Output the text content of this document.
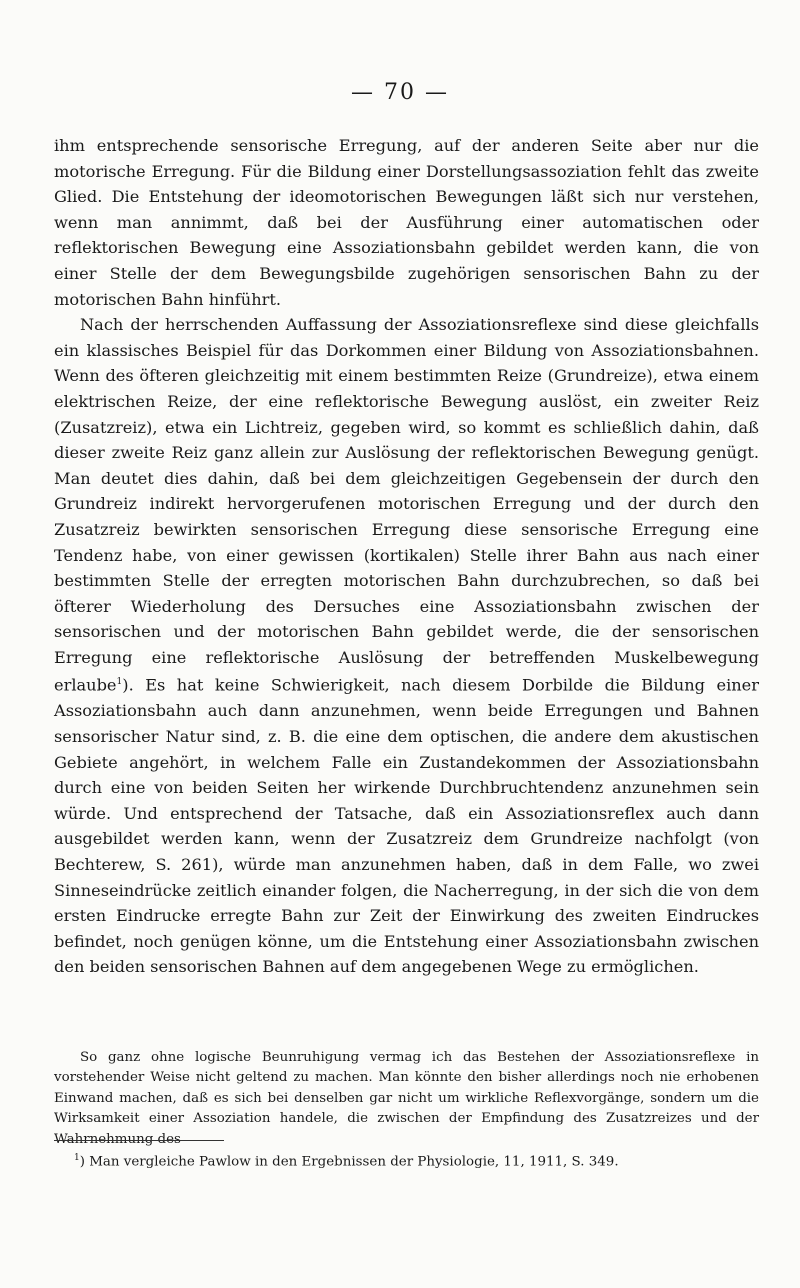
— 70 —

ihm entsprechende sensorische Erregung, auf der anderen Seite aber nur die motorische Erregung. Für die Bildung einer Dorstellungsassoziation fehlt das zweite Glied. Die Entstehung der ideomotorischen Bewegungen läßt sich nur verstehen, wenn man annimmt, daß bei der Ausführung einer automatischen oder reflektorischen Bewegung eine Assoziationsbahn gebildet werden kann, die von einer Stelle der dem Bewegungsbilde zugehörigen sensorischen Bahn zu der motorischen Bahn hinführt.

Nach der herrschenden Auffassung der Assoziationsreflexe sind diese gleichfalls ein klassisches Beispiel für das Dorkommen einer Bildung von Assoziationsbahnen. Wenn des öfteren gleichzeitig mit einem bestimmten Reize (Grundreize), etwa einem elektrischen Reize, der eine reflektorische Bewegung auslöst, ein zweiter Reiz (Zusatzreiz), etwa ein Lichtreiz, gegeben wird, so kommt es schließlich dahin, daß dieser zweite Reiz ganz allein zur Auslösung der reflektorischen Bewegung genügt. Man deutet dies dahin, daß bei dem gleichzeitigen Gegebensein der durch den Grundreiz indirekt hervorgerufenen motorischen Erregung und der durch den Zusatzreiz bewirkten sensorischen Erregung diese sensorische Erregung eine Tendenz habe, von einer gewissen (kortikalen) Stelle ihrer Bahn aus nach einer bestimmten Stelle der erregten motorischen Bahn durchzubrechen, so daß bei öfterer Wiederholung des Dersuches eine Assoziationsbahn zwischen der sensorischen und der motorischen Bahn gebildet werde, die der sensorischen Erregung eine reflektorische Auslösung der betreffenden Muskelbewegung erlaube$^1$). Es hat keine Schwierigkeit, nach diesem Dorbilde die Bildung einer Assoziationsbahn auch dann anzunehmen, wenn beide Erregungen und Bahnen sensorischer Natur sind, z. B. die eine dem optischen, die andere dem akustischen Gebiete angehört, in welchem Falle ein Zustandekommen der Assoziationsbahn durch eine von beiden Seiten her wirkende Durchbruchtendenz anzunehmen sein würde. Und entsprechend der Tatsache, daß ein Assoziationsreflex auch dann ausgebildet werden kann, wenn der Zusatzreiz dem Grundreize nachfolgt (von Bechterew, S. 261), würde man anzunehmen haben, daß in dem Falle, wo zwei Sinneseindrücke zeitlich einander folgen, die Nacherregung, in der sich die von dem ersten Eindrucke erregte Bahn zur Zeit der Einwirkung des zweiten Eindruckes befindet, noch genügen könne, um die Entstehung einer Assoziationsbahn zwischen den beiden sensorischen Bahnen auf dem angegebenen Wege zu ermöglichen.

So ganz ohne logische Beunruhigung vermag ich das Bestehen der Assoziationsreflexe in vorstehender Weise nicht geltend zu machen. Man könnte den bisher allerdings noch nie erhobenen Einwand machen, daß es sich bei denselben gar nicht um wirkliche Reflexvorgänge, sondern um die Wirksamkeit einer Assoziation handele, die zwischen der Empfindung des Zusatzreizes und der Wahrnehmung des

$^1$) Man vergleiche Pawlow in den Ergebnissen der Physiologie, 11, 1911, S. 349.
